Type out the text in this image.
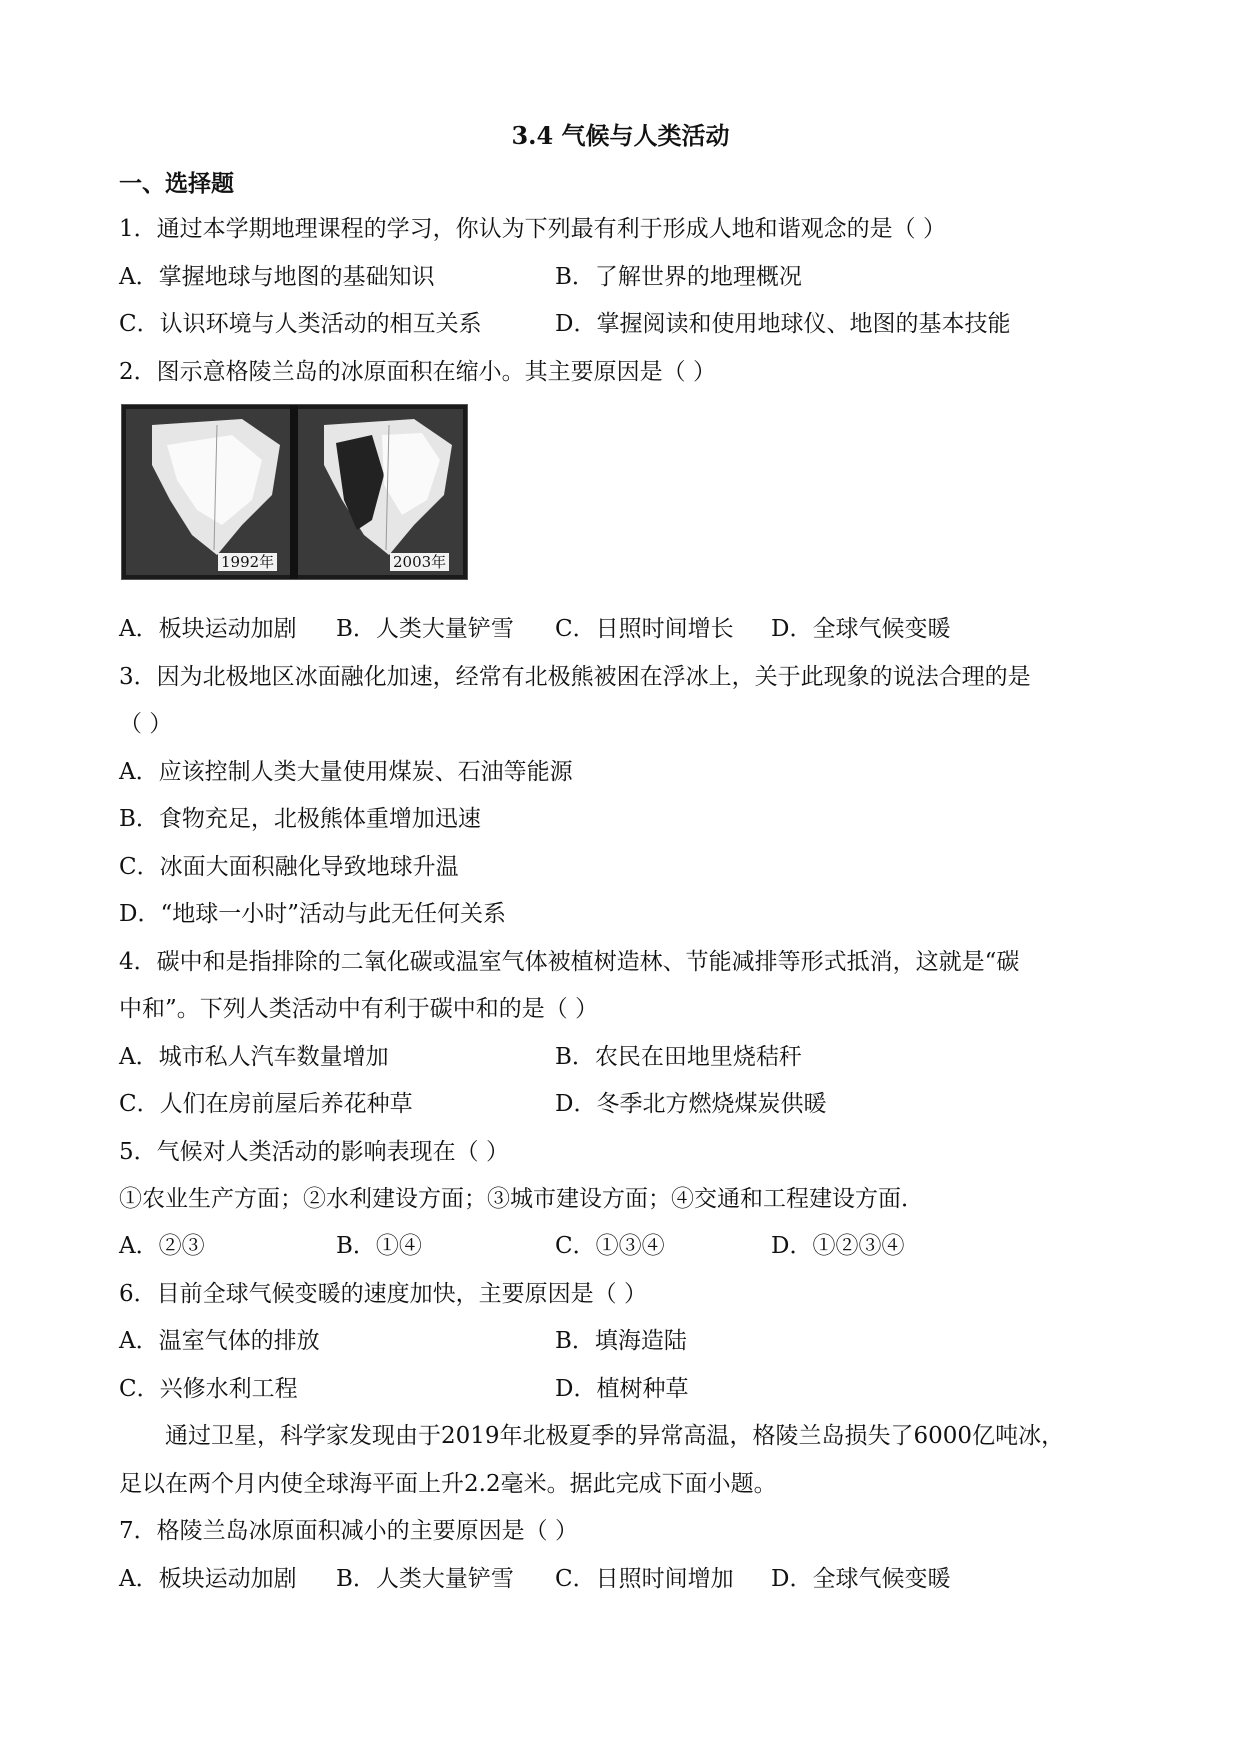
3.4 气候与人类活动
一、选择题
1．通过本学期地理课程的学习，你认为下列最有利于形成人地和谐观念的是（ ）
A．掌握地球与地图的基础知识	B．了解世界的地理概况
C．认识环境与人类活动的相互关系	D．掌握阅读和使用地球仪、地图的基本技能
2．图示意格陵兰岛的冰原面积在缩小。其主要原因是（ ）
1992年	2003年
A．板块运动加剧 B．人类大量铲雪 C．日照时间增长 D．全球气候变暖
3．因为北极地区冰面融化加速，经常有北极熊被困在浮冰上，关于此现象的说法合理的是
（ ）
A．应该控制人类大量使用煤炭、石油等能源
B．食物充足，北极熊体重增加迅速
C．冰面大面积融化导致地球升温
D．“地球一小时”活动与此无任何关系
4．碳中和是指排除的二氧化碳或温室气体被植树造林、节能减排等形式抵消，这就是“碳
中和”。下列人类活动中有利于碳中和的是（ ）
A．城市私人汽车数量增加	B．农民在田地里烧秸秆
C．人们在房前屋后养花种草	D．冬季北方燃烧煤炭供暖
5．气候对人类活动的影响表现在（ ）
①农业生产方面；②水利建设方面；③城市建设方面；④交通和工程建设方面．
A．②③	B．①④	C．①③④	D．①②③④
6．目前全球气候变暖的速度加快，主要原因是（ ）
A．温室气体的排放	B．填海造陆
C．兴修水利工程	D．植树种草
通过卫星，科学家发现由于2019年北极夏季的异常高温，格陵兰岛损失了6000亿吨冰，
足以在两个月内使全球海平面上升2.2毫米。据此完成下面小题。
7．格陵兰岛冰原面积减小的主要原因是（ ）
A．板块运动加剧 B．人类大量铲雪 C．日照时间增加 D．全球气候变暖
